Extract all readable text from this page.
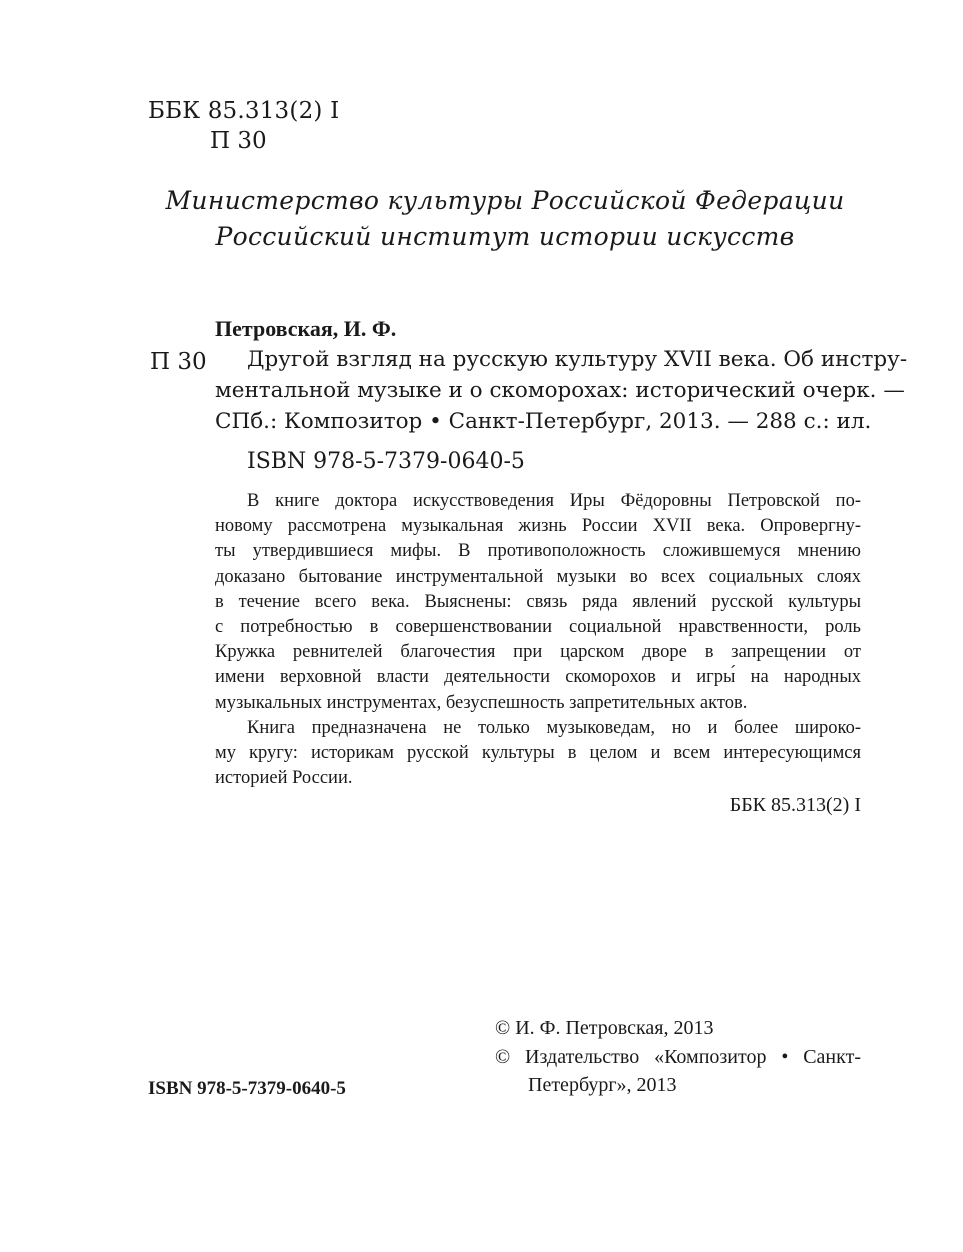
ББК 85.313(2) I
П 30
Министерство культуры Российской Федерации
Российский институт истории искусств
Петровская, И. Ф.
П 30	Другой взгляд на русскую культуру XVII века. Об инстру-
ментальной музыке и о скоморохах: исторический очерк. —
СПб.: Композитор • Санкт-Петербург, 2013. — 288 с.: ил.
ISBN 978-5-7379-0640-5
В книге доктора искусствоведения Иры Фёдоровны Петровской по-
новому рассмотрена музыкальная жизнь России XVII века. Опровергну-
ты утвердившиеся мифы. В противоположность сложившемуся мнению
доказано бытование инструментальной музыки во всех социальных слоях
в течение всего века. Выяснены: связь ряда явлений русской культуры
с потребностью в совершенствовании социальной нравственности, роль
Кружка ревнителей благочестия при царском дворе в запрещении от
имени верховной власти деятельности скоморохов и игры́ на народных
музыкальных инструментах, безуспешность запретительных актов.
Книга предназначена не только музыковедам, но и более широко-
му кругу: историкам русской культуры в целом и всем интересующимся
историей России.
ББК 85.313(2) I
© И. Ф. Петровская, 2013
© Издательство «Композитор • Санкт-
Петербург», 2013
ISBN 978-5-7379-0640-5
